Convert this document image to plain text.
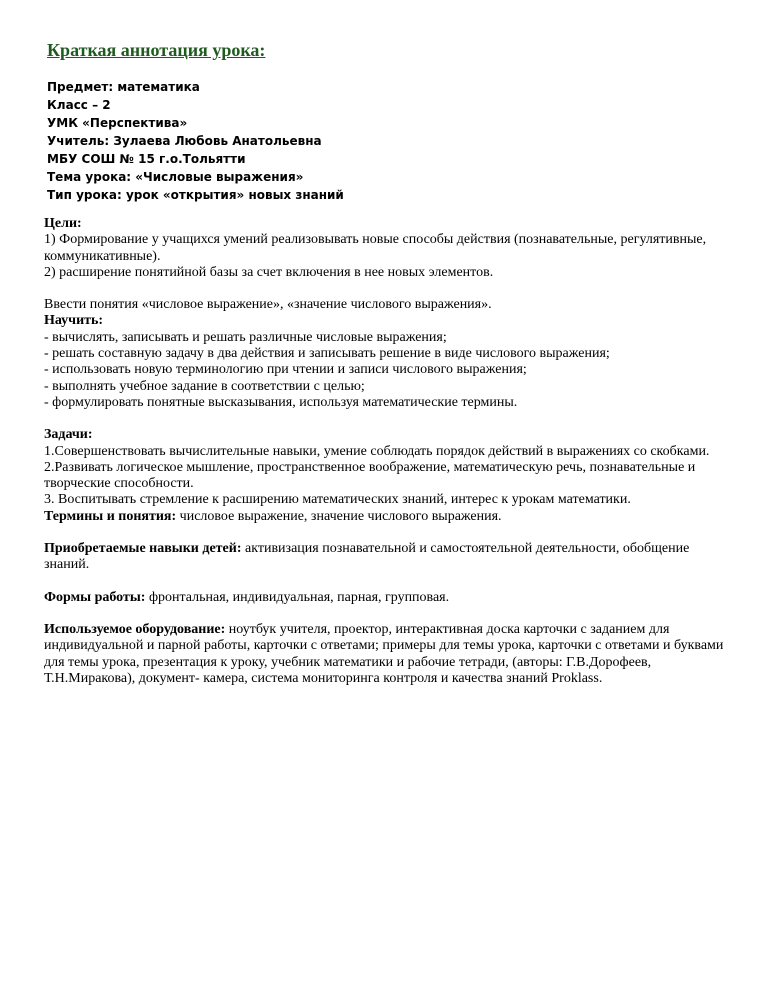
Краткая аннотация урока:
Предмет: математика
Класс – 2
УМК «Перспектива»
Учитель: Зулаева Любовь Анатольевна
МБУ СОШ № 15 г.о.Тольятти
Тема урока: «Числовые выражения»
Тип урока: урок «открытия» новых знаний

Цели:

1) Формирование у учащихся умений реализовывать новые способы действия (познавательные, регулятивные, коммуникативные).

2) расширение понятийной базы за счет включения в нее новых элементов.

Ввести понятия «числовое выражение», «значение числового выражения».

Научить:

- вычислять, записывать и решать различные числовые выражения;

- решать составную задачу в два действия и записывать решение в виде числового выражения;

- использовать новую терминологию при чтении и записи числового выражения;

- выполнять учебное задание в соответствии с целью;

- формулировать понятные высказывания, используя математические термины.

Задачи:

1.Совершенствовать вычислительные навыки, умение соблюдать порядок действий в выражениях со скобками.

2.Развивать логическое мышление, пространственное воображение, математическую речь, познавательные и творческие способности.

3. Воспитывать стремление к расширению математических знаний, интерес к урокам математики.

Термины и понятия: числовое выражение, значение числового выражения.

Приобретаемые навыки детей: активизация познавательной и самостоятельной деятельности, обобщение знаний.

Формы работы: фронтальная, индивидуальная, парная, групповая.

Используемое оборудование: ноутбук учителя, проектор, интерактивная доска карточки с заданием для индивидуальной и парной работы, карточки с ответами; примеры для темы урока, карточки с ответами и буквами для темы урока, презентация к уроку, учебник математики и рабочие тетради, (авторы: Г.В.Дорофеев, Т.Н.Миракова), документ- камера, система мониторинга контроля и качества знаний Proklass.
